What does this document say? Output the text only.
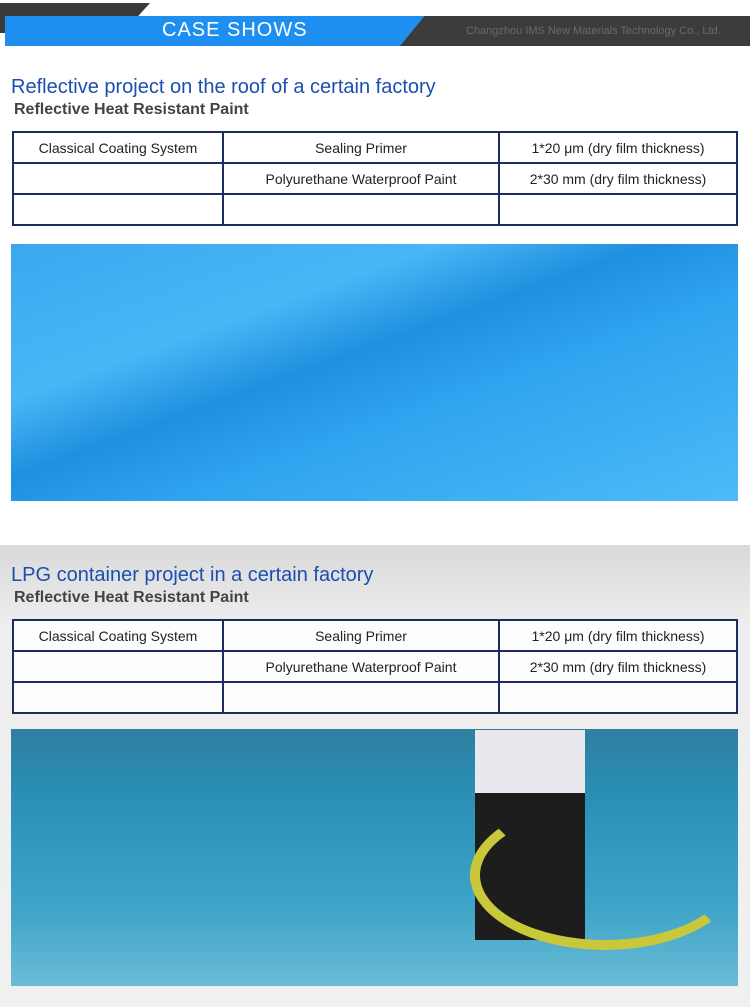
CASE SHOWS	Changzhou IMS New Materials Technology Co., Ltd.
Reflective project on the roof of a certain factory
Reflective Heat Resistant Paint
Classical Coating System	Sealing Primer	1*20 μm (dry film thickness)
	Polyurethane Waterproof Paint	2*30 mm (dry film thickness)

LPG container project in a certain factory
Reflective Heat Resistant Paint
Classical Coating System	Sealing Primer	1*20 μm (dry film thickness)
	Polyurethane Waterproof Paint	2*30 mm (dry film thickness)
